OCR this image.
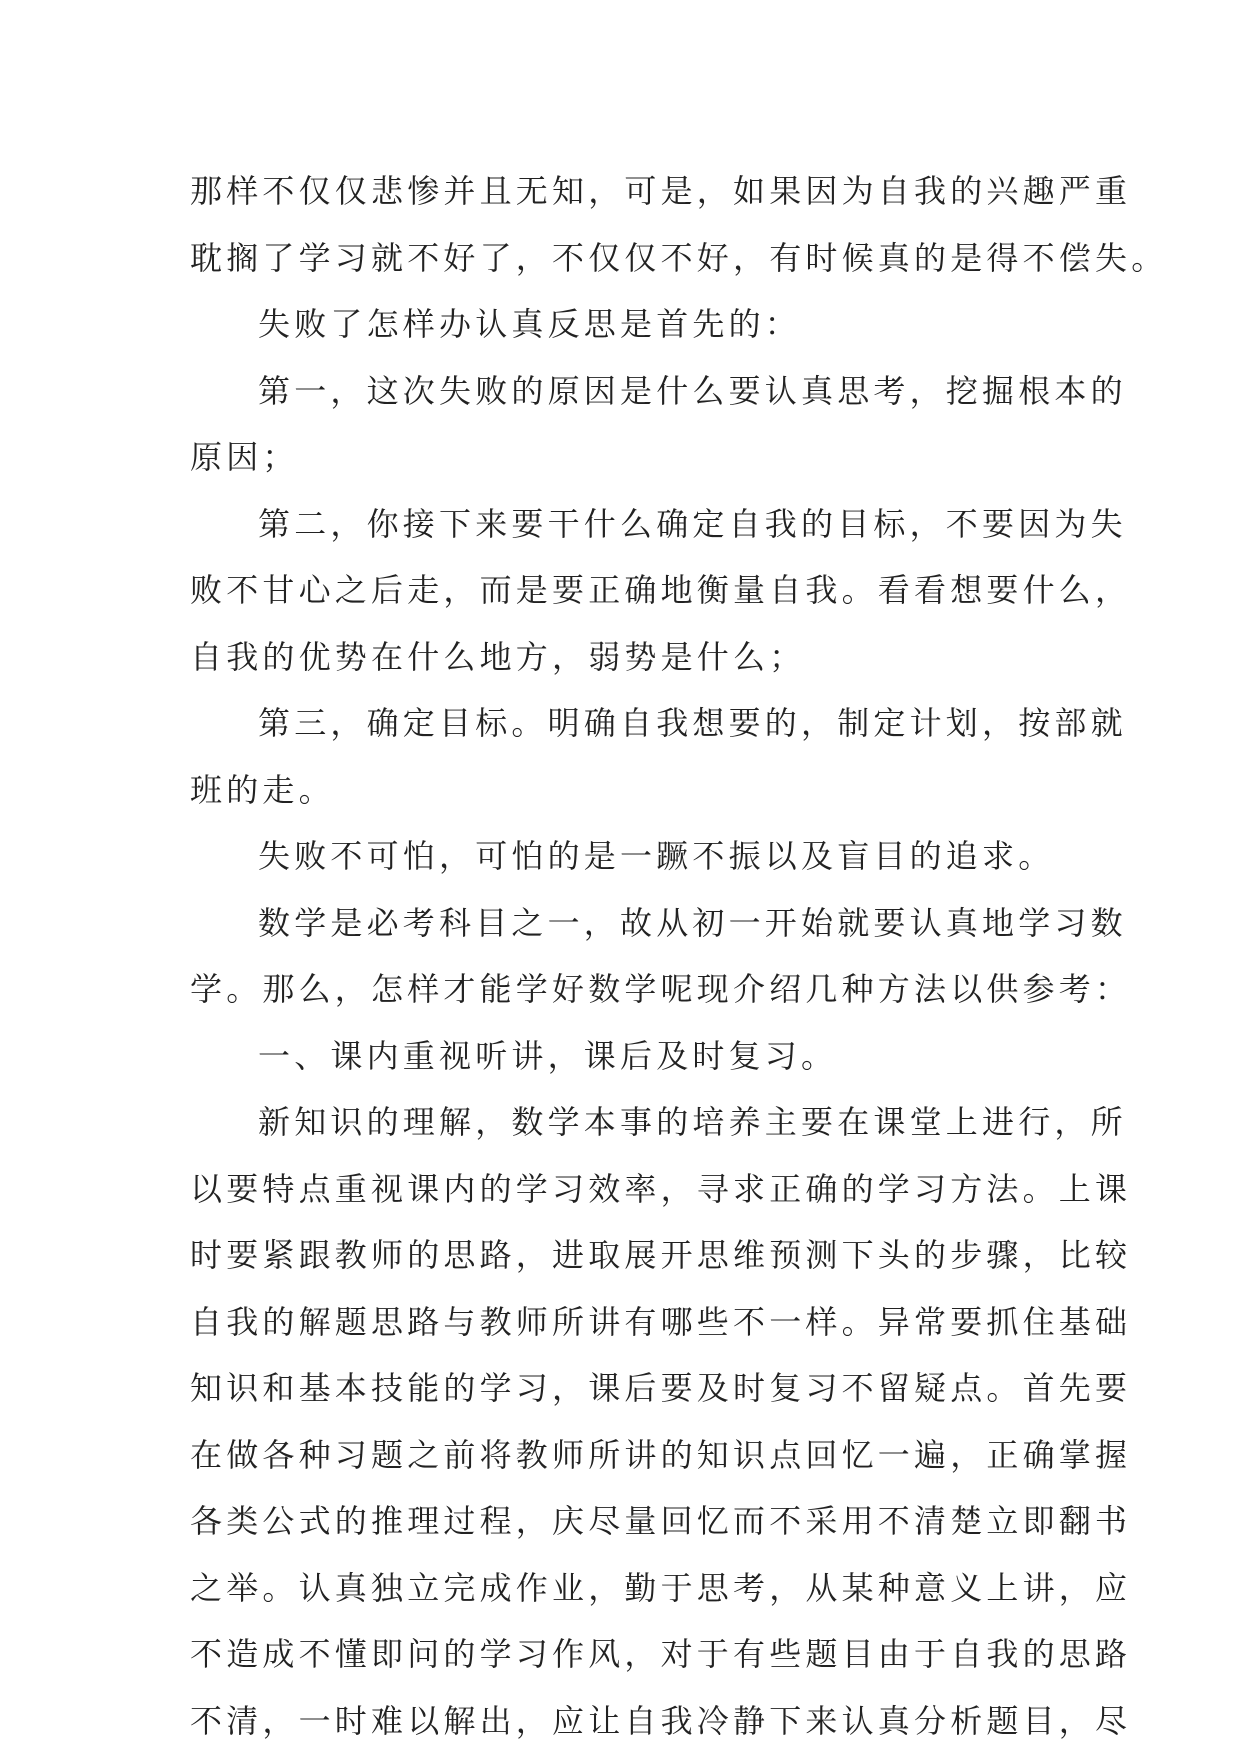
那样不仅仅悲惨并且无知，可是，如果因为自我的兴趣严重
耽搁了学习就不好了，不仅仅不好，有时候真的是得不偿失。
失败了怎样办认真反思是首先的：
第一，这次失败的原因是什么要认真思考，挖掘根本的
原因；
第二，你接下来要干什么确定自我的目标，不要因为失
败不甘心之后走，而是要正确地衡量自我。看看想要什么，
自我的优势在什么地方，弱势是什么；
第三，确定目标。明确自我想要的，制定计划，按部就
班的走。
失败不可怕，可怕的是一蹶不振以及盲目的追求。
数学是必考科目之一，故从初一开始就要认真地学习数
学。那么，怎样才能学好数学呢现介绍几种方法以供参考：
一、课内重视听讲，课后及时复习。
新知识的理解，数学本事的培养主要在课堂上进行，所
以要特点重视课内的学习效率，寻求正确的学习方法。上课
时要紧跟教师的思路，进取展开思维预测下头的步骤，比较
自我的解题思路与教师所讲有哪些不一样。异常要抓住基础
知识和基本技能的学习，课后要及时复习不留疑点。首先要
在做各种习题之前将教师所讲的知识点回忆一遍，正确掌握
各类公式的推理过程，庆尽量回忆而不采用不清楚立即翻书
之举。认真独立完成作业，勤于思考，从某种意义上讲，应
不造成不懂即问的学习作风，对于有些题目由于自我的思路
不清，一时难以解出，应让自我冷静下来认真分析题目，尽
